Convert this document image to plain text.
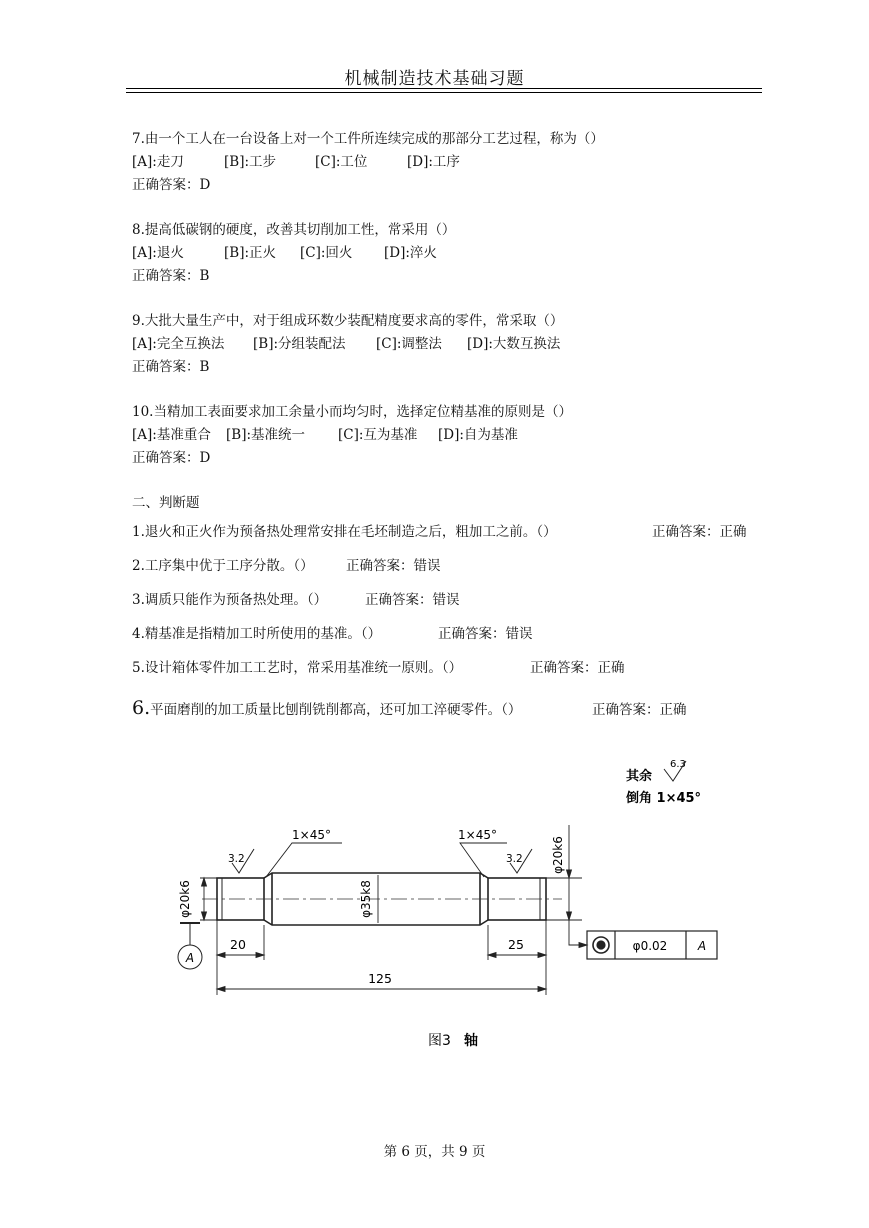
机械制造技术基础习题
7.由一个工人在一台设备上对一个工件所连续完成的那部分工艺过程，称为（）
[A]:走刀	[B]:工步	[C]:工位	[D]:工序
正确答案：D
8.提高低碳钢的硬度，改善其切削加工性，常采用（）
[A]:退火	[B]:正火 [C]:回火 [D]:淬火
正确答案：B
9.大批大量生产中，对于组成环数少装配精度要求高的零件，常采取（）
[A]:完全互换法 [B]:分组装配法 [C]:调整法 [D]:大数互换法
正确答案：B
10.当精加工表面要求加工余量小而均匀时，选择定位精基准的原则是（）
[A]:基准重合 [B]:基准统一 [C]:互为基准 [D]:自为基准
正确答案：D
二、判断题
1.退火和正火作为预备热处理常安排在毛坯制造之后，粗加工之前。（）	正确答案：正确
2.工序集中优于工序分散。（） 正确答案：错误
3.调质只能作为预备热处理。（）	正确答案：错误
4.精基准是指精加工时所使用的基准。（）	正确答案：错误
5.设计箱体零件加工工艺时，常采用基准统一原则。（）	正确答案：正确
6.平面磨削的加工质量比刨削铣削都高，还可加工淬硬零件。（）	正确答案：正确
φ20k6	φ35k8
φ20k6
3.2	3.2
1×45°	1×45°
20	25
125
A
φ0.02	A
其余
6.3
倒角 1×45°
图3 轴
第 6 页，共 9 页
